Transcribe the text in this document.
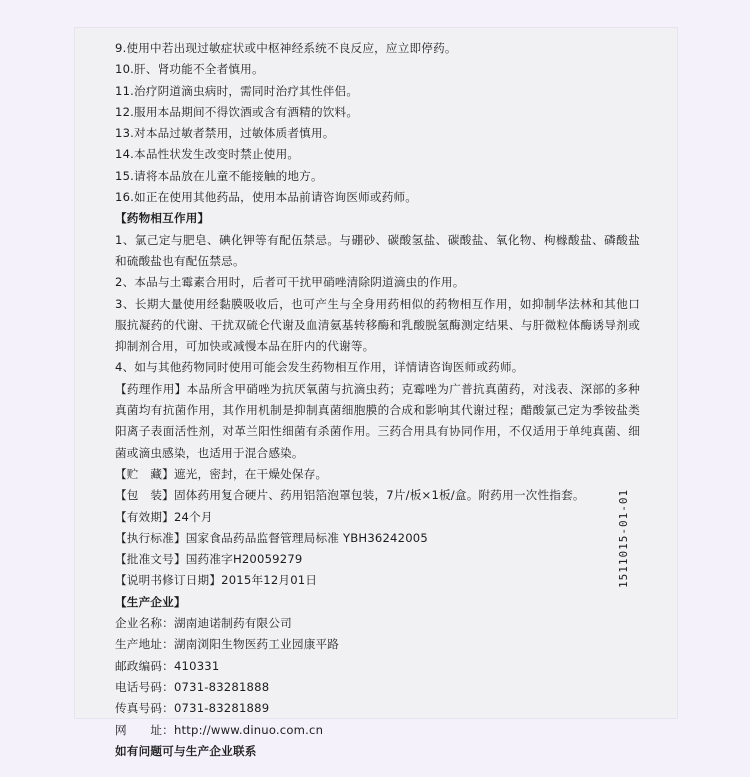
9.使用中若出现过敏症状或中枢神经系统不良反应，应立即停药。

10.肝、肾功能不全者慎用。

11.治疗阴道滴虫病时，需同时治疗其性伴侣。

12.服用本品期间不得饮酒或含有酒精的饮料。

13.对本品过敏者禁用，过敏体质者慎用。

14.本品性状发生改变时禁止使用。

15.请将本品放在儿童不能接触的地方。

16.如正在使用其他药品，使用本品前请咨询医师或药师。

【药物相互作用】

1、氯己定与肥皂、碘化钾等有配伍禁忌。与硼砂、碳酸氢盐、碳酸盐、氧化物、枸橼酸盐、磷酸盐和硫酸盐也有配伍禁忌。

2、本品与土霉素合用时，后者可干扰甲硝唑清除阴道滴虫的作用。

3、长期大量使用经黏膜吸收后，也可产生与全身用药相似的药物相互作用，如抑制华法林和其他口服抗凝药的代谢、干扰双硫仑代谢及血清氨基转移酶和乳酸脱氢酶测定结果、与肝微粒体酶诱导剂或抑制剂合用，可加快或减慢本品在肝内的代谢等。

4、如与其他药物同时使用可能会发生药物相互作用，详情请咨询医师或药师。

【药理作用】本品所含甲硝唑为抗厌氧菌与抗滴虫药；克霉唑为广普抗真菌药，对浅表、深部的多种真菌均有抗菌作用，其作用机制是抑制真菌细胞膜的合成和影响其代谢过程；醋酸氯己定为季铵盐类阳离子表面活性剂，对革兰阳性细菌有杀菌作用。三药合用具有协同作用，不仅适用于单纯真菌、细菌或滴虫感染，也适用于混合感染。

【贮　藏】遮光，密封，在干燥处保存。

【包　装】固体药用复合硬片、药用铝箔泡罩包装，7片/板×1板/盒。附药用一次性指套。

【有效期】24个月

【执行标准】国家食品药品监督管理局标准 YBH36242005

【批准文号】国药准字H20059279

【说明书修订日期】2015年12月01日

【生产企业】

企业名称：湖南迪诺制药有限公司

生产地址：湖南浏阳生物医药工业园康平路

邮政编码：410331

电话号码：0731-83281888

传真号码：0731-83281889

网　　址：http://www.dinuo.com.cn

如有问题可与生产企业联系

1511015-01-01
